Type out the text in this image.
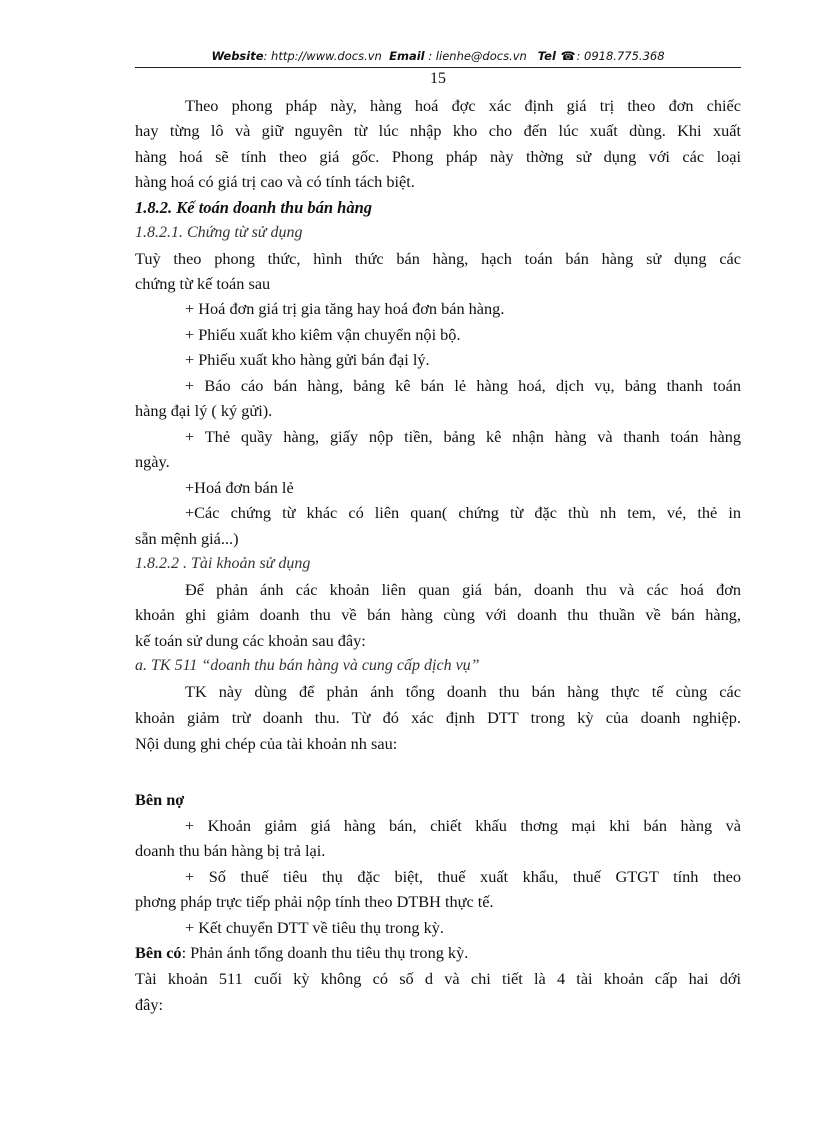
Website: http://www.docs.vn Email : lienhe@docs.vn Tel ☎: 0918.775.368
15
Theo phong pháp này, hàng hoá đợc xác định giá trị theo đơn chiếc
hay từng lô và giữ nguyên từ lúc nhập kho cho đến lúc xuất dùng. Khi xuất
hàng hoá sẽ tính theo giá gốc. Phong pháp này thờng sử dụng với các loại
hàng hoá có giá trị cao và có tính tách biệt.
1.8.2. Kế toán doanh thu bán hàng
1.8.2.1. Chứng từ sử dụng
Tuỳ theo phong thức, hình thức bán hàng, hạch toán bán hàng sử dụng các
chứng từ kế toán sau
+ Hoá đơn giá trị gia tăng hay hoá đơn bán hàng.
+ Phiếu xuất kho kiêm vận chuyển nội bộ.
+ Phiếu xuất kho hàng gửi bán đại lý.
+ Báo cáo bán hàng, bảng kê bán lẻ hàng hoá, dịch vụ, bảng thanh toán
hàng đại lý ( ký gửi).
+ Thẻ quầy hàng, giấy nộp tiền, bảng kê nhận hàng và thanh toán hàng
ngày.
+Hoá đơn bán lẻ
+Các chứng từ khác có liên quan( chứng từ đặc thù nh tem, vé, thẻ in
sẵn mệnh giá...)
1.8.2.2 . Tài khoản sử dụng
Để phản ánh các khoản liên quan giá bán, doanh thu và các hoá đơn
khoản ghi giảm doanh thu về bán hàng cùng với doanh thu thuần về bán hàng,
kế toán sử dung các khoản sau đây:
a. TK 511 “doanh thu bán hàng và cung cấp dịch vụ”
TK này dùng để phản ánh tổng doanh thu bán hàng thực tế cùng các
khoản giảm trừ doanh thu. Từ đó xác định DTT trong kỳ của doanh nghiệp.
Nội dung ghi chép của tài khoản nh sau:
Bên nợ
+ Khoản giảm giá hàng bán, chiết khấu thơng mại khi bán hàng và
doanh thu bán hàng bị trả lại.
+ Số thuế tiêu thụ đặc biệt, thuế xuất khẩu, thuế GTGT tính theo
phơng pháp trực tiếp phải nộp tính theo DTBH thực tế.
+ Kết chuyển DTT về tiêu thụ trong kỳ.
Bên có: Phản ánh tổng doanh thu tiêu thụ trong kỳ.
Tài khoản 511 cuối kỳ không có số d và chi tiết là 4 tài khoản cấp hai dới
đây:
